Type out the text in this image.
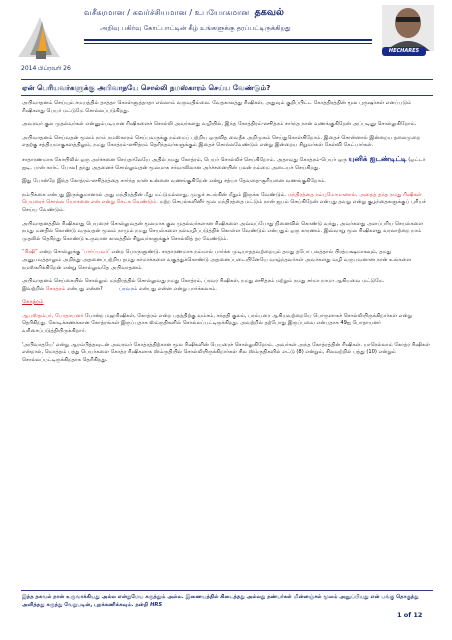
2014 பிப்ரவரி 26
வசீகரமான / கவர்ச்சியமான / உபயோகமான தகவல்
அறிவு பகிர்வு கோட்பாட்டின் கீழ் உங்களுக்கு தரப்பட்டிருக்கிறது
HECHARES
ஏன் பெரியவர்களுக்கு அபிவாதயே சொல்லி நமஸ்காரம் செய்ய வேண்டும்?

அபிவாதனம் செய்யும் சமயத்தில் தாத்தா கொள்ளுத்தாதா எல்லாம் வருவதில்லை. வேதகாலத்து ரிஷிகள், அதுவும் குறிப்பிட்ட கோத்திரத்தின் மூல புருஷர்கள் எனப்படும் ரிஷிகளது பெயர் மட்டுமே சொல்லப்படுகிறது.

அவரவர் குல முதல்வர்கள் என்னும்படியான ரிஷிகளைச் சொல்லி அவர்களது வழியில், இந்த கோத்திரம்-ஸூத்ரம் சார்ந்த நான் வணங்குகிறேன் அப்படினு சொல்லுகிறோம்.

அபிவாதனம் செய்வதன் மூலம் நாம் நமஸ்காரம் செய்பவருக்கு நம்மைப் பற்றிய ஒருவித வைதீக அறிமுகம் செய்துகொள்கிறோம். இதைச் சொன்னால் இன்றைய தலைமுறை எதற்கு சத்தியமாகுகளத்திலும், நமது கோத்ரம்-ஸூத்ரம் தெரிந்தவர்களுக்கும் இதைச் சொல்லவேண்டும் என்று இன்றைய சிறுவர்கள் கேள்வி கேட்பார்கள்.

சாதாரணமாக கோயிலில் ஒரு அர்ச்சனை செய்தாலேயே அதில் நமது கோத்ரம், பெயர் சொல்லிச் செய்கிறோம். அதாவது கோத்ரம்-பெயர் ஒரு யுனிக் ஐடண்டிட்டி (ஒட்டர் ஐடி, பான் கார்ட் போல) தந்து அதனைச் சொல்லுவதன் மூலமாக சர்வாலிலான அர்ச்சனையின் பலன் நம்மை அடையச் செய்கிறது.

இது போன்றே இந்த கோத்ரம்-ஸூத்ரத்தை சார்ந்த நான் உன்னை வணங்குகிறேன் என்று சத்யா தேவதை-சூரியனை வணங்குகிறோம்.

நம்பிக்கை என்பது இருக்குமானால் அது மந்திரத்தின் மீது மட்டுமல்லாது, முழுச் சடங்கின் மீதும் இருக்க வேண்டும். மந்திரத்தை நம்புமோமானால், அதைத் தந்த நமது ரிஷிகள் பெயரைச் சொல்ல யோசனை என் என்று கேட்க வேண்டும். மற்ற செயல்களினீர் மூல மந்திரத்தை மட்டும் நான் ஜபம் செய்கிறேன் என்பது தவறு என்று குழந்தைகளுக்குப் புரியச் செய்ய வேண்டும்.

அபிவாதனத்தில் ரிஷிகளது பெயரைச் சொல்லுவதன் மூலமாக குல முதல்வர்களான ரிஷிகளை அவ்வப்போது நினைவில் கொண்டு வந்து, அவர்களது அளப்பரிய செயல்களை நமது மனதில் கொண்டு வருவதன் மூலம் நாமும் நமது செயல்களை நல்வழிப்படுத்திக் கொள்ள வேண்டும் என்பதும் ஒரு காரணம். இவ்வாறு மூல ரிஷிகளது வரலாற்றை நாம் முதலில் தெரிந்து கொண்டு உருவான காலத்தில் சிறுவர்களுக்குச் சொல்லித் தர வேண்டும்.

“ரிஷி” என்ற சொல்லுக்கு ‘பார்ப்பவர்’ என்ற பொருளுண்டு. சாதாரணமாக நம்மால் பார்க்க முடியாததவற்றையும் தமது தபோ பலத்தால் பிரத்யக்ஷமாகவும், தமது அனுபவத்தாலும் அறிந்து அதனைப்பற்றிய தமது கர்மாக்களை வகுத்துக்கொண்டு அதனைப்படையினேயே வாழ்ந்தவர்கள் அவர்களது வழி வருபவனான நான் உங்களை நமஸ்கரிக்கிறேன் என்று சொல்லுவதே அபிவாதனம்.

அபிவாதனம் செய்கையில் சொல்லும் மந்திரத்தில் சொல்லுவது நமது கோத்ரம், ப்ரவர ரிஷிகள், நமது ஸூத்ரம் மற்றும் நமது சர்மா நாமா ஆகியவை மட்டுமே.
இவற்றில் கோத்ரம் என்பது என்ன?	ப்ரவரம் என்பது என்ன என்று பார்க்கலாம்.

கோத்ரம்

ஆபஸ்தம்பர், போதாயனர் போன்ற மஹரிஷிகள், கோத்ரம் என்ற பதத்திற்கு வம்சம், சந்ததி குலம், பரம்பரை ஆகியவற்றையே பொருளாகச் சொல்லியிருக்கிறார்கள் என்று தெரிகிறது. கோடிக்கணக்கான கோத்ரங்கள் இருப்பதாக ஸ்ம்ருதிகளில் சொல்லப்பட்டிருக்கிறது. அவற்றில் தற்போது இருப்பவை என்பதாக 49ஐ போதாயனர் வரிசைப்படுத்தியிருக்கிறார்.

'அபிவாதயே' என்று ஆரம்பித்தவுடன் அவரவர் கோத்ரத்திற்கான மூல ரிஷிகளின் பெயரைச் சொல்லுகிறோம். அவர்கள் அந்த கோத்ரத்தின் ரிஷிகள். யாரெல்லாம் கோத்ர ரிஷிகள் என்றால், மொத்தம் பத்து பெயர்களை கோத்ர ரிஷிகளாக ஸ்ம்ருதியில் சொல்லியிருக்கிறார்கள் சில ஸ்ம்ருதிகளில் எட்டு (8) என்றும், சிலவற்றில் பத்து (10) என்றும் சொல்லப்பட்டிருக்கிறதாக தெரிகிறது.

இந்த தகவல் நான் உருவாக்கியது அல்ல என்றுமேய கருத்தும் அல்ல. இணையத்தில் கிடைத்தது அல்லது நண்பர்கள் மின்னஞ்சல் மூலம் அனுப்பியது என் பங்கு தொகுத்து அளித்தது கருத்து வேறுபடின், புறக்கணிக்கவும். நன்றி HRS
1 of 12
